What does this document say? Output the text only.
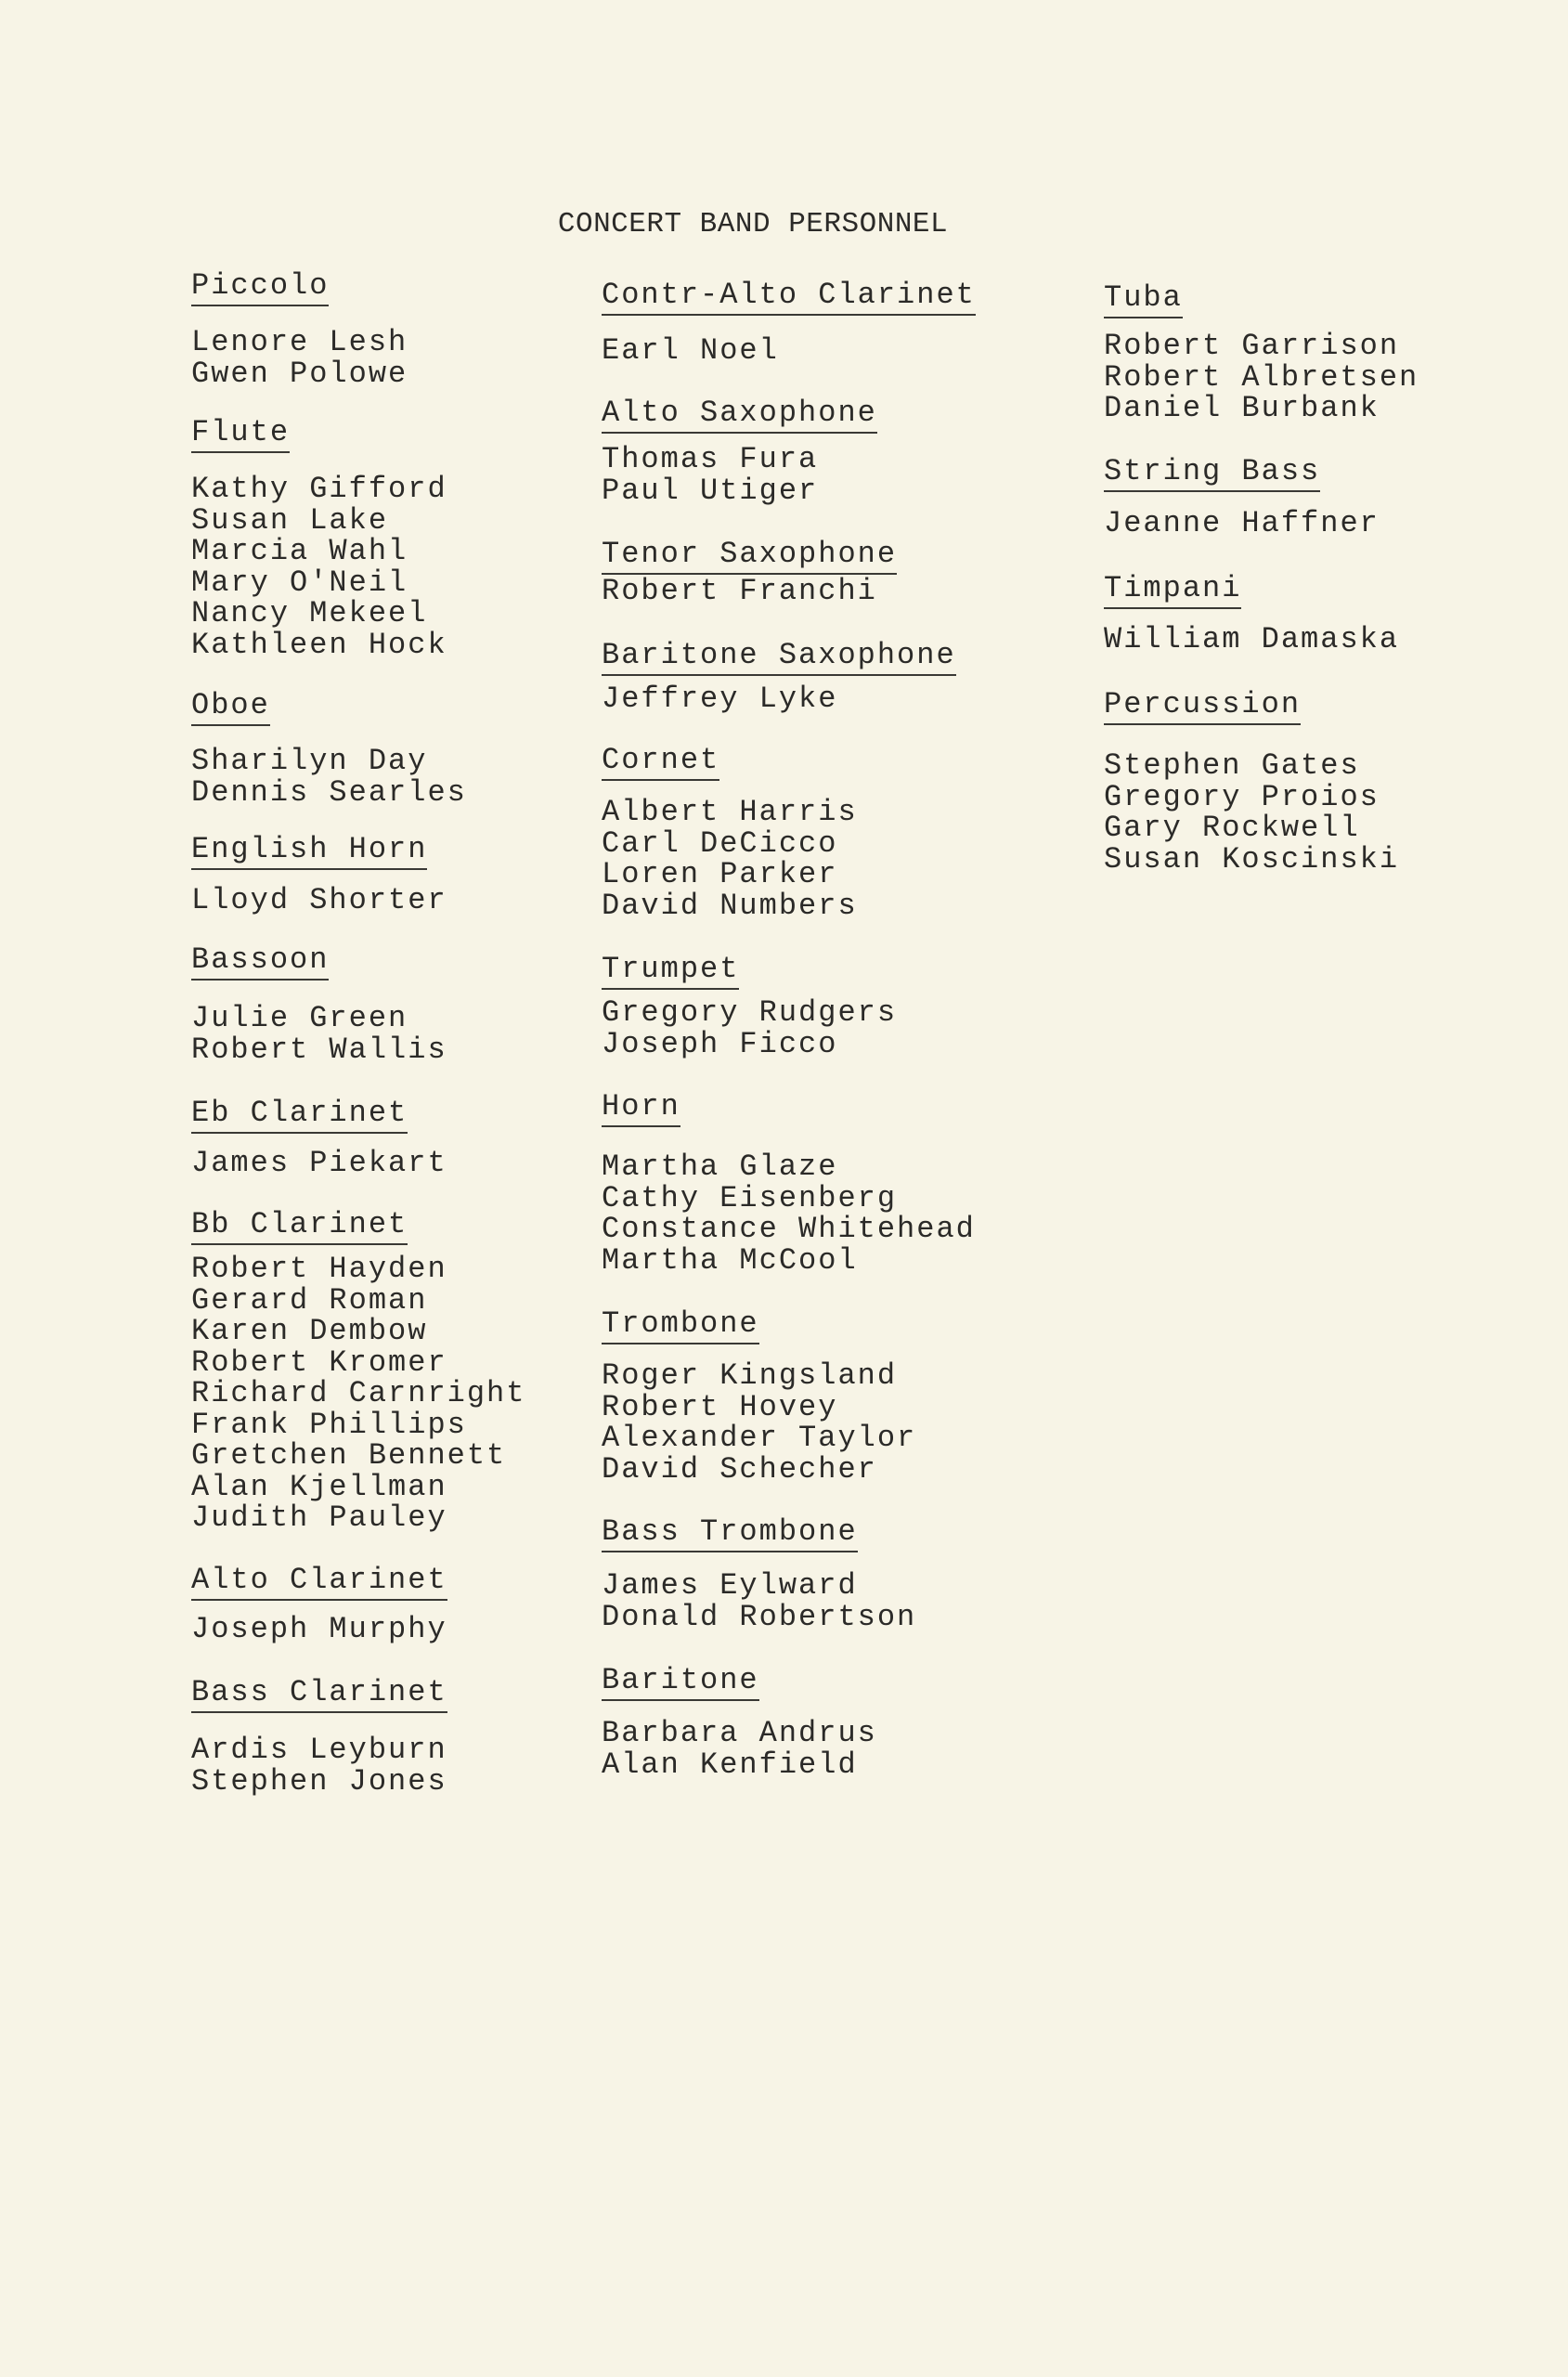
CONCERT BAND PERSONNEL
Piccolo
Lenore Lesh
Gwen Polowe
Flute
Kathy Gifford
Susan Lake
Marcia Wahl
Mary O'Neil
Nancy Mekeel
Kathleen Hock
Oboe
Sharilyn Day
Dennis Searles
English Horn
Lloyd Shorter
Bassoon
Julie Green
Robert Wallis
Eb Clarinet
James Piekart
Bb Clarinet
Robert Hayden
Gerard Roman
Karen Dembow
Robert Kromer
Richard Carnright
Frank Phillips
Gretchen Bennett
Alan Kjellman
Judith Pauley
Alto Clarinet
Joseph Murphy
Bass Clarinet
Ardis Leyburn
Stephen Jones
Contr-Alto Clarinet
Earl Noel
Alto Saxophone
Thomas Fura
Paul Utiger
Tenor Saxophone
Robert Franchi
Baritone Saxophone
Jeffrey Lyke
Cornet
Albert Harris
Carl DeCicco
Loren Parker
David Numbers
Trumpet
Gregory Rudgers
Joseph Ficco
Horn
Martha Glaze
Cathy Eisenberg
Constance Whitehead
Martha McCool
Trombone
Roger Kingsland
Robert Hovey
Alexander Taylor
David Schecher
Bass Trombone
James Eylward
Donald Robertson
Baritone
Barbara Andrus
Alan Kenfield
Tuba
Robert Garrison
Robert Albretsen
Daniel Burbank
String Bass
Jeanne Haffner
Timpani
William Damaska
Percussion
Stephen Gates
Gregory Proios
Gary Rockwell
Susan Koscinski
